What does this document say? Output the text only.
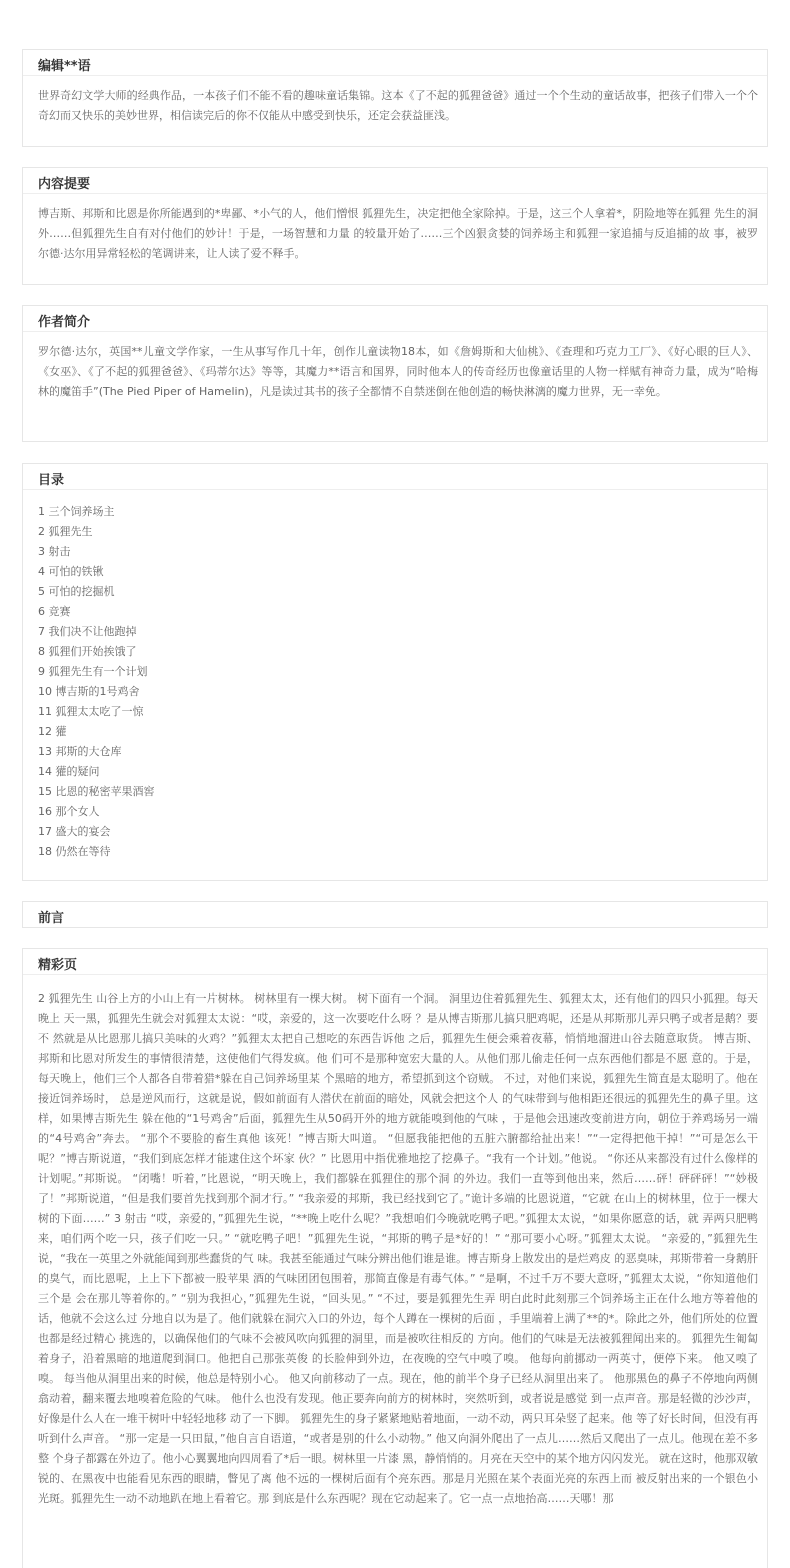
编辑**语
世界奇幻文学大师的经典作品，一本孩子们不能不看的趣味童话集锦。这本《了不起的狐狸爸爸》通过一个个生动的童话故事，把孩子们带入一个个奇幻而又快乐的美妙世界，相信读完后的你不仅能从中感受到快乐，还定会获益匪浅。
内容提要
博吉斯、邦斯和比恩是你所能遇到的*卑鄙、*小气的人，他们憎恨 狐狸先生，决定把他全家除掉。于是，这三个人拿着*，阴险地等在狐狸 先生的洞外……但狐狸先生自有对付他们的妙计！于是，一场智慧和力量 的较量开始了……三个凶狠贪婪的饲养场主和狐狸一家追捕与反追捕的故 事，被罗尔德·达尔用异常轻松的笔调讲来，让人读了爱不释手。
作者简介
罗尔德·达尔，英国**儿童文学作家，一生从事写作几十年，创作儿童读物18本，如《詹姆斯和大仙桃》、《查理和巧克力工厂》、《好心眼的巨人》、《女巫》、《了不起的狐狸爸爸》、《玛蒂尔达》等等，其魔力**语言和国界，同时他本人的传奇经历也像童话里的人物一样赋有神奇力量，成为“哈梅林的魔笛手”(The Pied Piper of Hamelin)，凡是读过其书的孩子全都情不自禁迷倒在他创造的畅快淋漓的魔力世界，无一幸免。
目录
1 三个饲养场主
2 狐狸先生
3 射击
4 可怕的铁锹
5 可怕的挖掘机
6 竞赛
7 我们决不让他跑掉
8 狐狸们开始挨饿了
9 狐狸先生有一个计划
10 博吉斯的1号鸡舍
11 狐狸太太吃了一惊
12 獾
13 邦斯的大仓库
14 獾的疑问
15 比恩的秘密苹果酒窖
16 那个女人
17 盛大的宴会
18 仍然在等待
前言
精彩页
2 狐狸先生 山谷上方的小山上有一片树林。 树林里有一棵大树。 树下面有一个洞。 洞里边住着狐狸先生、狐狸太太，还有他们的四只小狐狸。每天晚上 天一黑，狐狸先生就会对狐狸太太说：“哎，亲爱的，这一次要吃什么呀 ？是从博吉斯那儿搞只肥鸡呢，还是从邦斯那儿弄只鸭子或者是鹅？要不 然就是从比恩那儿搞只美味的火鸡？”狐狸太太把自己想吃的东西告诉他 之后，狐狸先生便会乘着夜幕，悄悄地溜进山谷去随意取货。 博吉斯、邦斯和比恩对所发生的事情很清楚，这使他们气得发疯。他 们可不是那种宽宏大量的人。从他们那儿偷走任何一点东西他们都是不愿 意的。于是，每天晚上，他们三个人都各自带着猎*躲在自己饲养场里某 个黑暗的地方，希望抓到这个窃贼。 不过，对他们来说，狐狸先生简直是太聪明了。他在接近饲养场时， 总是逆风而行，这就是说，假如前面有人潜伏在前面的暗处，风就会把这个人 的气味带到与他相距还很远的狐狸先生的鼻子里。这样，如果博吉斯先生 躲在他的“1号鸡舍”后面，狐狸先生从50码开外的地方就能嗅到他的气味 ，于是他会迅速改变前进方向，朝位于养鸡场另一端的“4号鸡舍”奔去。 “那个不要脸的畜生真他 该死！”博吉斯大叫道。 “但愿我能把他的五脏六腑都给扯出来！”“一定得把他干掉！”“可是怎么干呢？”博吉斯说道，“我们到底怎样才能逮住这个坏家 伙？” 比恩用中指优雅地挖了挖鼻子。“我有一个计划。”他说。 “你还从来都没有过什么像样的计划呢。”邦斯说。 “闭嘴！听着，”比恩说，“明天晚上，我们都躲在狐狸住的那个洞 的外边。我们一直等到他出来，然后……砰！砰砰砰！”“妙极了！”邦斯说道，“但是我们要首先找到那个洞才行。” “我亲爱的邦斯，我已经找到它了。”诡计多端的比恩说道，“它就 在山上的树林里，位于一棵大树的下面……” 3 射击 “哎，亲爱的，”狐狸先生说，“**晚上吃什么呢？”我想咱们今晚就吃鸭子吧。”狐狸太太说，“如果你愿意的话，就 弄两只肥鸭来，咱们两个吃一只，孩子们吃一只。” “就吃鸭子吧！”狐狸先生说，“邦斯的鸭子是*好的！” “那可要小心呀。”狐狸太太说。 “亲爱的，”狐狸先生说，“我在一英里之外就能闻到那些蠢货的气 味。我甚至能通过气味分辨出他们谁是谁。博吉斯身上散发出的是烂鸡皮 的恶臭味，邦斯带着一身鹅肝的臭气，而比恩呢，上上下下都被一股苹果 酒的气味团团包围着，那简直像是有毒气体。” “是啊，不过千万不要大意呀，”狐狸太太说，“你知道他们三个是 会在那儿等着你的。” “别为我担心，”狐狸先生说，“回头见。” “不过，要是狐狸先生弄 明白此时此刻那三个饲养场主正在什么地方等着他的话，他就不会这么过 分地自以为是了。他们就躲在洞穴入口的外边，每个人蹲在一棵树的后面 ，手里端着上满了**的*。除此之外，他们所处的位置也都是经过精心 挑选的，以确保他们的气味不会被风吹向狐狸的洞里，而是被吹往相反的 方向。他们的气味是无法被狐狸闻出来的。 狐狸先生匍匐着身子，沿着黑暗的地道爬到洞口。他把自己那张英俊 的长脸伸到外边，在夜晚的空气中嗅了嗅。 他每向前挪动一两英寸，便停下来。 他又嗅了嗅。 每当他从洞里出来的时候，他总是特别小心。 他又向前移动了一点。现在，他的前半个身子已经从洞里出来了。 他那黑色的鼻子不停地向两侧翕动着，翻来覆去地嗅着危险的气味。 他什么也没有发现。他正要奔向前方的树林时，突然听到，或者说是感觉 到一点声音。那是轻微的沙沙声，好像是什么人在一堆干树叶中轻轻地移 动了一下脚。 狐狸先生的身子紧紧地贴着地面，一动不动，两只耳朵竖了起来。他 等了好长时间，但没有再听到什么声音。 “那一定是一只田鼠，”他自言自语道，“或者是别的什么小动物。” 他又向洞外爬出了一点儿……然后又爬出了一点儿。他现在差不多整 个身子都露在外边了。他小心翼翼地向四周看了*后一眼。树林里一片漆 黑，静悄悄的。月亮在天空中的某个地方闪闪发光。 就在这时，他那双敏锐的、在黑夜中也能看见东西的眼睛，瞥见了离 他不远的一棵树后面有个亮东西。那是月光照在某个表面光亮的东西上而 被反射出来的一个银色小光斑。狐狸先生一动不动地趴在地上看着它。那 到底是什么东西呢？现在它动起来了。它一点一点地抬高……天哪！那
